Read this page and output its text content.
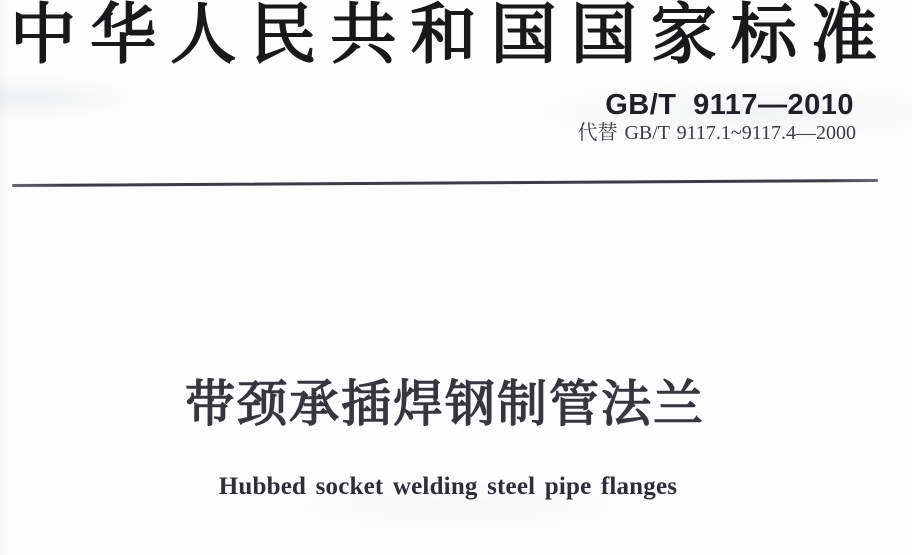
中华人民共和国国家标准
GB/T 9117—2010
代替 GB/T 9117.1~9117.4—2000
带颈承插焊钢制管法兰
Hubbed socket welding steel pipe flanges
